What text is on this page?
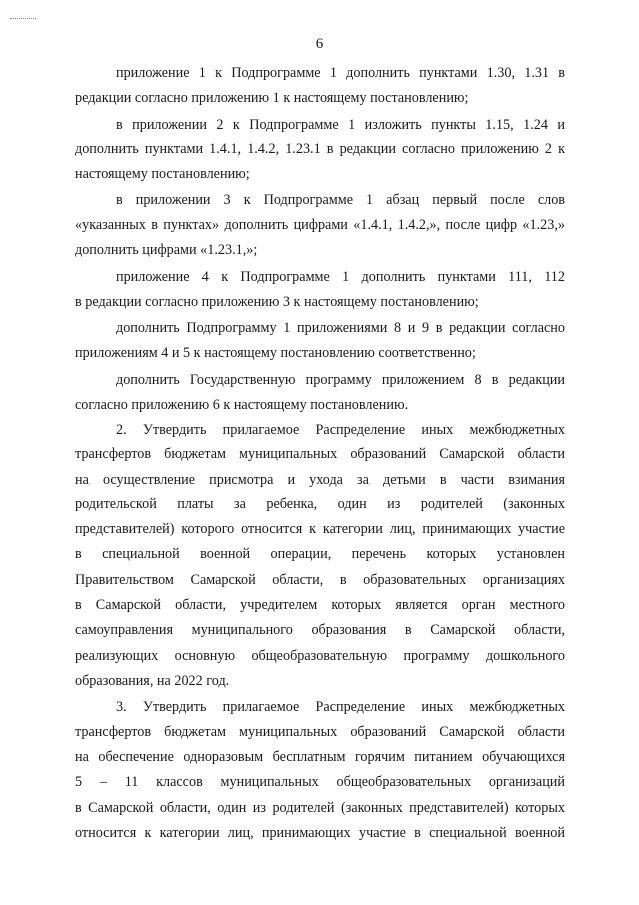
6
приложение 1 к Подпрограмме 1 дополнить пунктами 1.30, 1.31 в
редакции согласно приложению 1 к настоящему постановлению;
в приложении 2 к Подпрограмме 1 изложить пункты 1.15, 1.24 и
дополнить пунктами 1.4.1, 1.4.2, 1.23.1 в редакции согласно приложению 2 к
настоящему постановлению;
в приложении 3 к Подпрограмме 1 абзац первый после слов
«указанных в пунктах» дополнить цифрами «1.4.1, 1.4.2,», после цифр «1.23,»
дополнить цифрами «1.23.1,»;
приложение 4 к Подпрограмме 1 дополнить пунктами 111, 112
в редакции согласно приложению 3 к настоящему постановлению;
дополнить Подпрограмму 1 приложениями 8 и 9 в редакции согласно
приложениям 4 и 5 к настоящему постановлению соответственно;
дополнить Государственную программу приложением 8 в редакции
согласно приложению 6 к настоящему постановлению.
2. Утвердить прилагаемое Распределение иных межбюджетных
трансфертов бюджетам муниципальных образований Самарской области
на осуществление присмотра и ухода за детьми в части взимания
родительской платы за ребенка, один из родителей (законных
представителей) которого относится к категории лиц, принимающих участие
в специальной военной операции, перечень которых установлен
Правительством Самарской области, в образовательных организациях
в Самарской области, учредителем которых является орган местного
самоуправления муниципального образования в Самарской области,
реализующих основную общеобразовательную программу дошкольного
образования, на 2022 год.
3. Утвердить прилагаемое Распределение иных межбюджетных
трансфертов бюджетам муниципальных образований Самарской области
на обеспечение одноразовым бесплатным горячим питанием обучающихся
5 – 11 классов муниципальных общеобразовательных организаций
в Самарской области, один из родителей (законных представителей) которых
относится к категории лиц, принимающих участие в специальной военной
